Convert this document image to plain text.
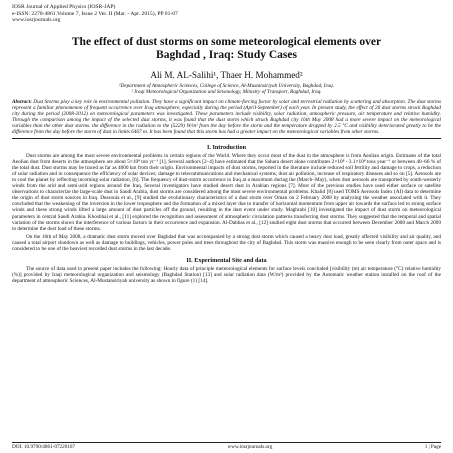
IOSR Journal of Applied Physics (IOSR-JAP)
e-ISSN: 2278-4861.Volume 7, Issue 2 Ver. II (Mar. - Apr. 2015), PP 01-07
www.iosrjournals.org
The effect of dust storms on some meteorological elements over
Baghdad , Iraq: Study Cases
Ali M. AL-Salihi¹, Thaer H. Mohammed²
¹Department of Atmospheric Sciences, College of Science, Al-Mustansiriyah University, Baghdad, Iraq.
² Iraqi Meteorological Organization and Seismology, Ministry of Transport, Baghdad, Iraq.
Abstract: Dust Storms play a key role in environmental pollution. They have a significant impact on climate-forcing factor by solar and terrestrial radiation by scattering and absorption. The dust storms represent a familiar phenomenon of frequent occurrence over Iraq atmosphere, especially during the period (April-September) of each year. In present study, the effect of 20 dust storms struck Baghdad city during the period (2008-2012) on meteorological parameters was investigated. These parameters include visibility, solar radiation, atmospheric pressure, air temperature and relative humidity. Through the comparison among the impact of the selected dust storms, it was found that the dust storm which struck Baghdad city 16th May 2008 had a more severe impact on the meteorological variables than the other dust storms. the difference in the radiation to the (5229) W/m² from the day before the storm and the temperature dropped by 2.5 °C and visibility deteriorated greatly to be the difference from the day before the storm of dust in limits 6467 m. It has been found that this storm has had a greater impact on the meteorological variables from other storms.
I. Introduction

Dust storms are among the most severe environmental problems in certain regions of the World. Where they occur most of the dust in the atmosphere is from Aeolian origin. Estimates of the total Aeolian dust from deserts in the atmosphere are about 5×10⁸ ton yr⁻¹ [1]. Several authors [2–4] have estimated that the Sahara desert alone contributes 2×10⁸ - 3.1×10⁸ tons year⁻¹ or between 40–66 % of the total dust. Dust storms may be traced as far as 4000 km from their origin. Environmental impacts of dust storms, reported in the literature include reduced soil fertility and damage to crops, a reduction of solar radiation and in consequence the efficiency of solar devices; damage to telecommunications and mechanical systems, dust air pollution, increase of respiratory diseases and so on [5]. Aerosols are to cool the planet by reflecting incoming solar radiation, [6]. The frequency of dust-storm occurrence in Iraq at a maximum during the (March–May), when dust aerosols are transported by south-westerly winds from the arid and semi-arid regions around the Iraq. Several investigators have studied desert dust in Arabian regions [7]. Most of the previous studies have used either surface or satellite observations to characterize the large-scale dust in Saudi Arabia, dust storms are considered among the most severe environmental problems. Khalid [8] used TOMS Aerosols Index (AI) data to determine the origin of dust storm sources in Iraq. Dessouia et al., [9] studied the evolutionary characteristics of a dust storm over Oman on 2 February 2008 by analyzing the weather associated with it. They concluded that the weakening of the inversion in the lower troposphere and the formation of a mixed layer due to transfer of horizontal momentum from upper air towards the surface led to strong surface winds and these strong winds lifted a large amount of dust particles off the ground, resulting in the dust event under study. Maghrabi [10] investigated the impact of dust storm on meteorological parameters in central Saudi Arabia. Khoshhal et al., [11] explored the recognition and assessment of atmospheric circulation patterns transferring dust storms. They suggested that the temporal and spatial variation of the storms shows the interference of various factors in their occurrence and expansion. Al-Dabbas et al., [12] studied eight dust storms that occurred between December 2008 and March 2009 to determine the dust load of these storms.

On the 16th of May 2008, a dramatic dust storm moved over Baghdad that was accompanied by a strong dust storm which caused a heavy dust load, greatly affected visibility and air quality, and caused a total airport shutdown as well as damage to buildings, vehicles, power poles and trees throughout the city of Baghdad. This storm was massive enough to be seen clearly from outer space and is considered to be one of the heaviest recorded dust storms in the last decade.

II. Experimental Site and data

The source of data used in present paper includes the following: Hourly data of principle meteorological elements for surface levels concluded [visibility (m) air temperature (°C) relative humidity (%)] provided by Iraqi meteorological organization and seismology (Baghdad Station) [13] and solar radiation data (W/m²) provided by the Automatic weather station installed on the roof of the department of atmospheric Sciences, Al-Mustansiriyah university as shown in figure (1) [14].

DOI: 10.9790/4861-07220107	www.iosrjournals.org	1 | Page
